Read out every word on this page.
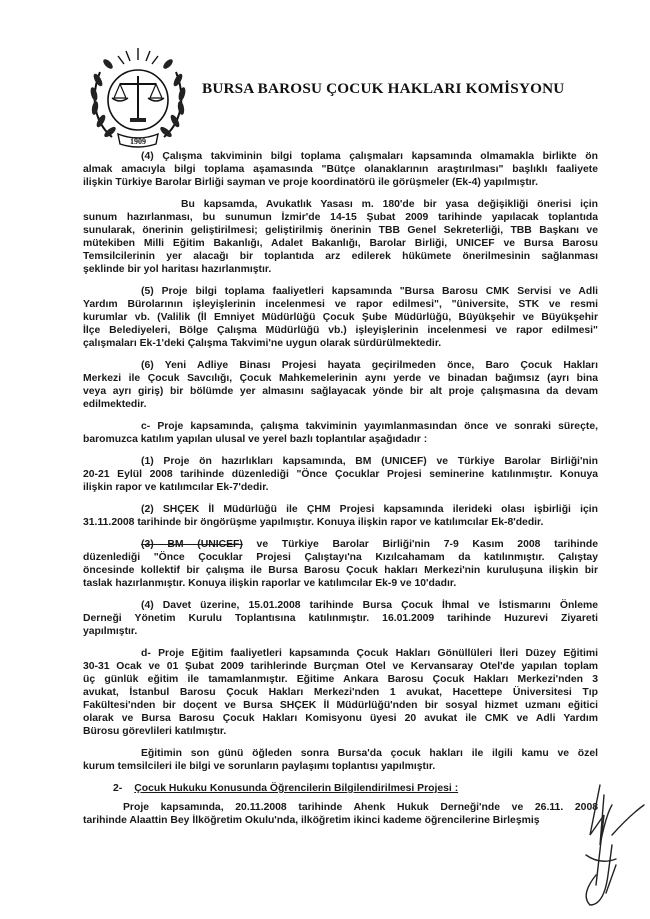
1909
BURSA BAROSU ÇOCUK HAKLARI KOMİSYONU
(4) Çalışma takviminin bilgi toplama çalışmaları kapsamında olmamakla birlikte ön
almak amacıyla bilgi toplama aşamasında "Bütçe olanaklarının araştırılması" başlıklı faaliyete
ilişkin Türkiye Barolar Birliği sayman ve proje koordinatörü ile görüşmeler (Ek-4) yapılmıştır.
Bu kapsamda, Avukatlık Yasası m. 180'de bir yasa değişikliği önerisi için
sunum hazırlanması, bu sunumun İzmir'de 14-15 Şubat 2009 tarihinde yapılacak toplantıda
sunularak, önerinin geliştirilmesi; geliştirilmiş önerinin TBB Genel Sekreterliği, TBB Başkanı ve
mütekiben Milli Eğitim Bakanlığı, Adalet Bakanlığı, Barolar Birliği, UNICEF ve Bursa Barosu
Temsilcilerinin yer alacağı bir toplantıda arz edilerek hükümete önerilmesinin sağlanması
şeklinde bir yol haritası hazırlanmıştır.
(5) Proje bilgi toplama faaliyetleri kapsamında "Bursa Barosu CMK Servisi ve Adli
Yardım Bürolarının işleyişlerinin incelenmesi ve rapor edilmesi", "üniversite, STK ve resmi
kurumlar vb. (Valilik (İl Emniyet Müdürlüğü Çocuk Şube Müdürlüğü, Büyükşehir ve Büyükşehir
İlçe Belediyeleri, Bölge Çalışma Müdürlüğü vb.) işleyişlerinin incelenmesi ve rapor edilmesi"
çalışmaları Ek-1'deki Çalışma Takvimi'ne uygun olarak sürdürülmektedir.
(6) Yeni Adliye Binası Projesi hayata geçirilmeden önce, Baro Çocuk Hakları
Merkezi ile Çocuk Savcılığı, Çocuk Mahkemelerinin aynı yerde ve binadan bağımsız (ayrı bina
veya ayrı giriş) bir bölümde yer almasını sağlayacak yönde bir alt proje çalışmasına da devam
edilmektedir.
c- Proje kapsamında, çalışma takviminin yayımlanmasından önce ve sonraki süreçte,
baromuzca katılım yapılan ulusal ve yerel bazlı toplantılar aşağıdadır :
(1) Proje ön hazırlıkları kapsamında, BM (UNICEF) ve Türkiye Barolar Birliği'nin
20-21 Eylül 2008 tarihinde düzenlediği "Önce Çocuklar Projesi seminerine katılınmıştır. Konuya
ilişkin rapor ve katılımcılar Ek-7'dedir.
(2) SHÇEK İl Müdürlüğü ile ÇHM Projesi kapsamında ilerideki olası işbirliği için
31.11.2008 tarihinde bir öngörüşme yapılmıştır. Konuya ilişkin rapor ve katılımcılar Ek-8'dedir.
(3) BM (UNICEF) ve Türkiye Barolar Birliği'nin 7-9 Kasım 2008 tarihinde
düzenlediği "Önce Çocuklar Projesi Çalıştayı'na Kızılcahamam da katılınmıştır. Çalıştay
öncesinde kollektif bir çalışma ile Bursa Barosu Çocuk hakları Merkezi'nin kuruluşuna ilişkin bir
taslak hazırlanmıştır. Konuya ilişkin raporlar ve katılımcılar Ek-9 ve 10'dadır.
(4) Davet üzerine, 15.01.2008 tarihinde Bursa Çocuk İhmal ve İstismarını Önleme
Derneği Yönetim Kurulu Toplantısına katılınmıştır. 16.01.2009 tarihinde Huzurevi Ziyareti
yapılmıştır.
d- Proje Eğitim faaliyetleri kapsamında Çocuk Hakları Gönüllüleri İleri Düzey Eğitimi
30-31 Ocak ve 01 Şubat 2009 tarihlerinde Burçman Otel ve Kervansaray Otel'de yapılan toplam
üç günlük eğitim ile tamamlanmıştır. Eğitime Ankara Barosu Çocuk Hakları Merkezi'nden 3
avukat, İstanbul Barosu Çocuk Hakları Merkezi'nden 1 avukat, Hacettepe Üniversitesi Tıp
Fakültesi'nden bir doçent ve Bursa SHÇEK İl Müdürlüğü'nden bir sosyal hizmet uzmanı eğitici
olarak ve Bursa Barosu Çocuk Hakları Komisyonu üyesi 20 avukat ile CMK ve Adli Yardım
Bürosu görevlileri katılmıştır.
Eğitimin son günü öğleden sonra Bursa'da çocuk hakları ile ilgili kamu ve özel
kurum temsilcileri ile bilgi ve sorunların paylaşımı toplantısı yapılmıştır.
2- Çocuk Hukuku Konusunda Öğrencilerin Bilgilendirilmesi Projesi :
Proje kapsamında, 20.11.2008 tarihinde Ahenk Hukuk Derneği'nde ve 26.11. 2008
tarihinde Alaattin Bey İlköğretim Okulu'nda, ilköğretim ikinci kademe öğrencilerine Birleşmiş
